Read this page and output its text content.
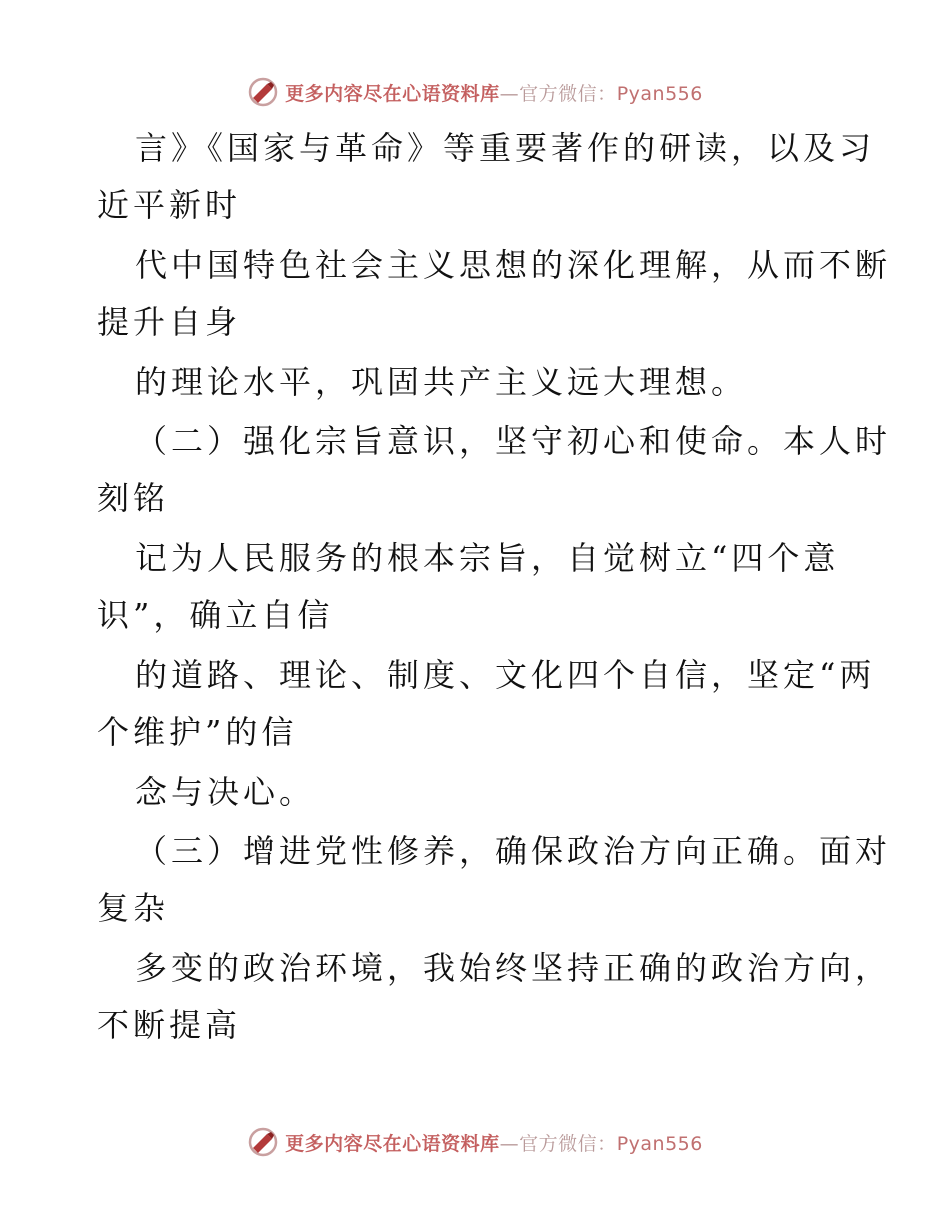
更多内容尽在心语资料库—官方微信：Pyan556
言》《国家与革命》等重要著作的研读，以及习
近平新时
代中国特色社会主义思想的深化理解，从而不断
提升自身
的理论水平，巩固共产主义远大理想。
（二）强化宗旨意识，坚守初心和使命。本人时
刻铭
记为人民服务的根本宗旨，自觉树立“四个意
识”，确立自信
的道路、理论、制度、文化四个自信，坚定“两
个维护”的信
念与决心。
（三）增进党性修养，确保政治方向正确。面对
复杂
多变的政治环境，我始终坚持正确的政治方向，
不断提高
更多内容尽在心语资料库—官方微信：Pyan556
